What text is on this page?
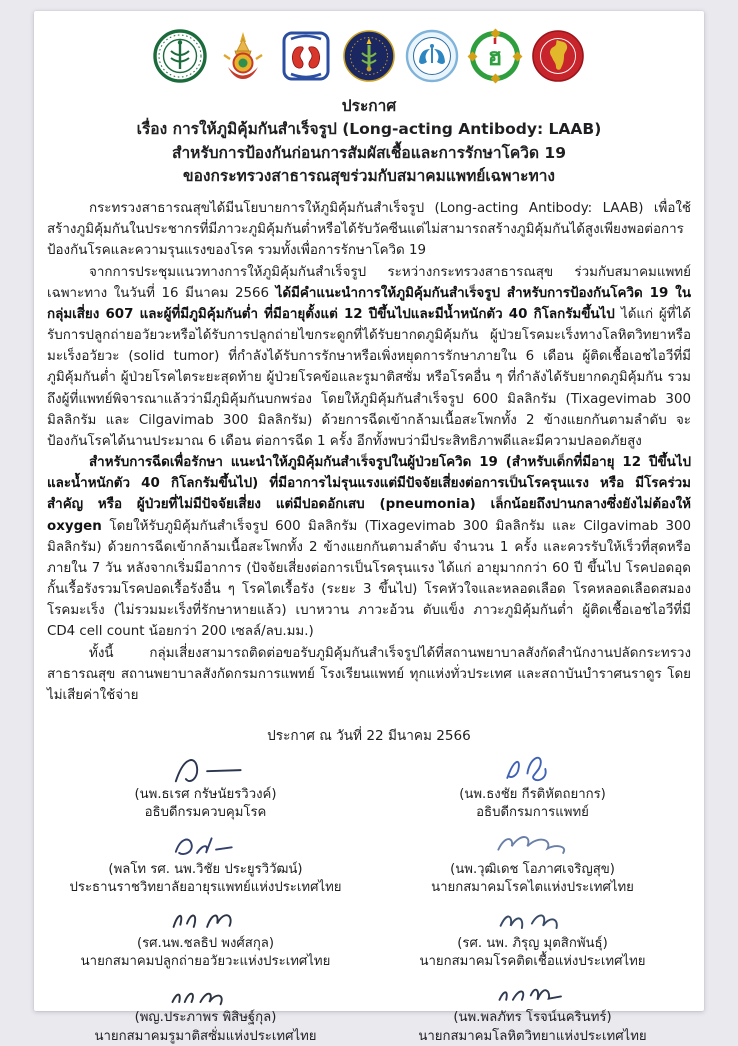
ฮ
ประกาศ
เรื่อง การให้ภูมิคุ้มกันสำเร็จรูป (Long-acting Antibody: LAAB)
สำหรับการป้องกันก่อนการสัมผัสเชื้อและการรักษาโควิด 19
ของกระทรวงสาธารณสุขร่วมกับสมาคมแพทย์เฉพาะทาง

กระทรวงสาธารณสุขได้มีนโยบายการให้ภูมิคุ้มกันสำเร็จรูป (Long-acting Antibody: LAAB) เพื่อใช้สร้างภูมิคุ้มกันในประชากรที่มีภาวะภูมิคุ้มกันต่ำหรือได้รับวัคซีนแต่ไม่สามารถสร้างภูมิคุ้มกันได้สูงเพียงพอต่อการป้องกันโรคและความรุนแรงของโรค รวมทั้งเพื่อการรักษาโควิด 19

จากการประชุมแนวทางการให้ภูมิคุ้มกันสำเร็จรูป ระหว่างกระทรวงสาธารณสุข ร่วมกับสมาคมแพทย์เฉพาะทาง ในวันที่ 16 มีนาคม 2566 ได้มีคำแนะนำการให้ภูมิคุ้มกันสำเร็จรูป สำหรับการป้องกันโควิด 19 ในกลุ่มเสี่ยง 607 และผู้ที่มีภูมิคุ้มกันต่ำ ที่มีอายุตั้งแต่ 12 ปีขึ้นไปและมีน้ำหนักตัว 40 กิโลกรัมขึ้นไป ได้แก่ ผู้ที่ได้รับการปลูกถ่ายอวัยวะหรือได้รับการปลูกถ่ายไขกระดูกที่ได้รับยากดภูมิคุ้มกัน ผู้ป่วยโรคมะเร็งทางโลหิตวิทยาหรือมะเร็งอวัยวะ (solid tumor) ที่กำลังได้รับการรักษาหรือเพิ่งหยุดการรักษาภายใน 6 เดือน ผู้ติดเชื้อเอชไอวีที่มีภูมิคุ้มกันต่ำ ผู้ป่วยโรคไตระยะสุดท้าย ผู้ป่วยโรคข้อและรูมาติสซั่ม หรือโรคอื่น ๆ ที่กำลังได้รับยากดภูมิคุ้มกัน รวมถึงผู้ที่แพทย์พิจารณาแล้วว่ามีภูมิคุ้มกันบกพร่อง โดยให้ภูมิคุ้มกันสำเร็จรูป 600 มิลลิกรัม (Tixagevimab 300 มิลลิกรัม และ Cilgavimab 300 มิลลิกรัม) ด้วยการฉีดเข้ากล้ามเนื้อสะโพกทั้ง 2 ข้างแยกกันตามลำดับ จะป้องกันโรคได้นานประมาณ 6 เดือน ต่อการฉีด 1 ครั้ง อีกทั้งพบว่ามีประสิทธิภาพดีและมีความปลอดภัยสูง

สำหรับการฉีดเพื่อรักษา แนะนำให้ภูมิคุ้มกันสำเร็จรูปในผู้ป่วยโควิด 19 (สำหรับเด็กที่มีอายุ 12 ปีขึ้นไปและน้ำหนักตัว 40 กิโลกรัมขึ้นไป) ที่มีอาการไม่รุนแรงแต่มีปัจจัยเสี่ยงต่อการเป็นโรครุนแรง หรือ มีโรคร่วมสำคัญ หรือ ผู้ป่วยที่ไม่มีปัจจัยเสี่ยง แต่มีปอดอักเสบ (pneumonia) เล็กน้อยถึงปานกลางซึ่งยังไม่ต้องให้ oxygen โดยให้รับภูมิคุ้มกันสำเร็จรูป 600 มิลลิกรัม (Tixagevimab 300 มิลลิกรัม และ Cilgavimab 300 มิลลิกรัม) ด้วยการฉีดเข้ากล้ามเนื้อสะโพกทั้ง 2 ข้างแยกกันตามลำดับ จำนวน 1 ครั้ง และควรรับให้เร็วที่สุดหรือภายใน 7 วัน หลังจากเริ่มมีอาการ (ปัจจัยเสี่ยงต่อการเป็นโรครุนแรง ได้แก่ อายุมากกว่า 60 ปี ขึ้นไป โรคปอดอุดกั้นเรื้อรังรวมโรคปอดเรื้อรังอื่น ๆ โรคไตเรื้อรัง (ระยะ 3 ขึ้นไป) โรคหัวใจและหลอดเลือด โรคหลอดเลือดสมอง โรคมะเร็ง (ไม่รวมมะเร็งที่รักษาหายแล้ว) เบาหวาน ภาวะอ้วน ตับแข็ง ภาวะภูมิคุ้มกันต่ำ ผู้ติดเชื้อเอชไอวีที่มี CD4 cell count น้อยกว่า 200 เซลล์/ลบ.มม.)

ทั้งนี้ กลุ่มเสี่ยงสามารถติดต่อขอรับภูมิคุ้มกันสำเร็จรูปได้ที่สถานพยาบาลสังกัดสำนักงานปลัดกระทรวงสาธารณสุข สถานพยาบาลสังกัดกรมการแพทย์ โรงเรียนแพทย์ ทุกแห่งทั่วประเทศ และสถาบันบำราศนราดูร โดยไม่เสียค่าใช้จ่าย

ประกาศ ณ วันที่ 22 มีนาคม 2566
(นพ.ธเรศ กรัษนัยรวิวงค์)
อธิบดีกรมควบคุมโรค
(นพ.ธงชัย กีรติหัตถยากร)
อธิบดีกรมการแพทย์
(พลโท รศ. นพ.วิชัย ประยูรวิวัฒน์)
ประธานราชวิทยาลัยอายุรแพทย์แห่งประเทศไทย
(นพ.วุฒิเดช โอภาศเจริญสุข)
นายกสมาคมโรคไตแห่งประเทศไทย
(รศ.นพ.ชลธิป พงศ์สกุล)
นายกสมาคมปลูกถ่ายอวัยวะแห่งประเทศไทย
(รศ. นพ. ภิรุญ มุตสิกพันธุ์)
นายกสมาคมโรคติดเชื้อแห่งประเทศไทย
(พญ.ประภาพร พิสิษฐ์กุล)
นายกสมาคมรูมาติสซั่มแห่งประเทศไทย
(นพ.พลภัทร โรจน์นครินทร์)
นายกสมาคมโลหิตวิทยาแห่งประเทศไทย
